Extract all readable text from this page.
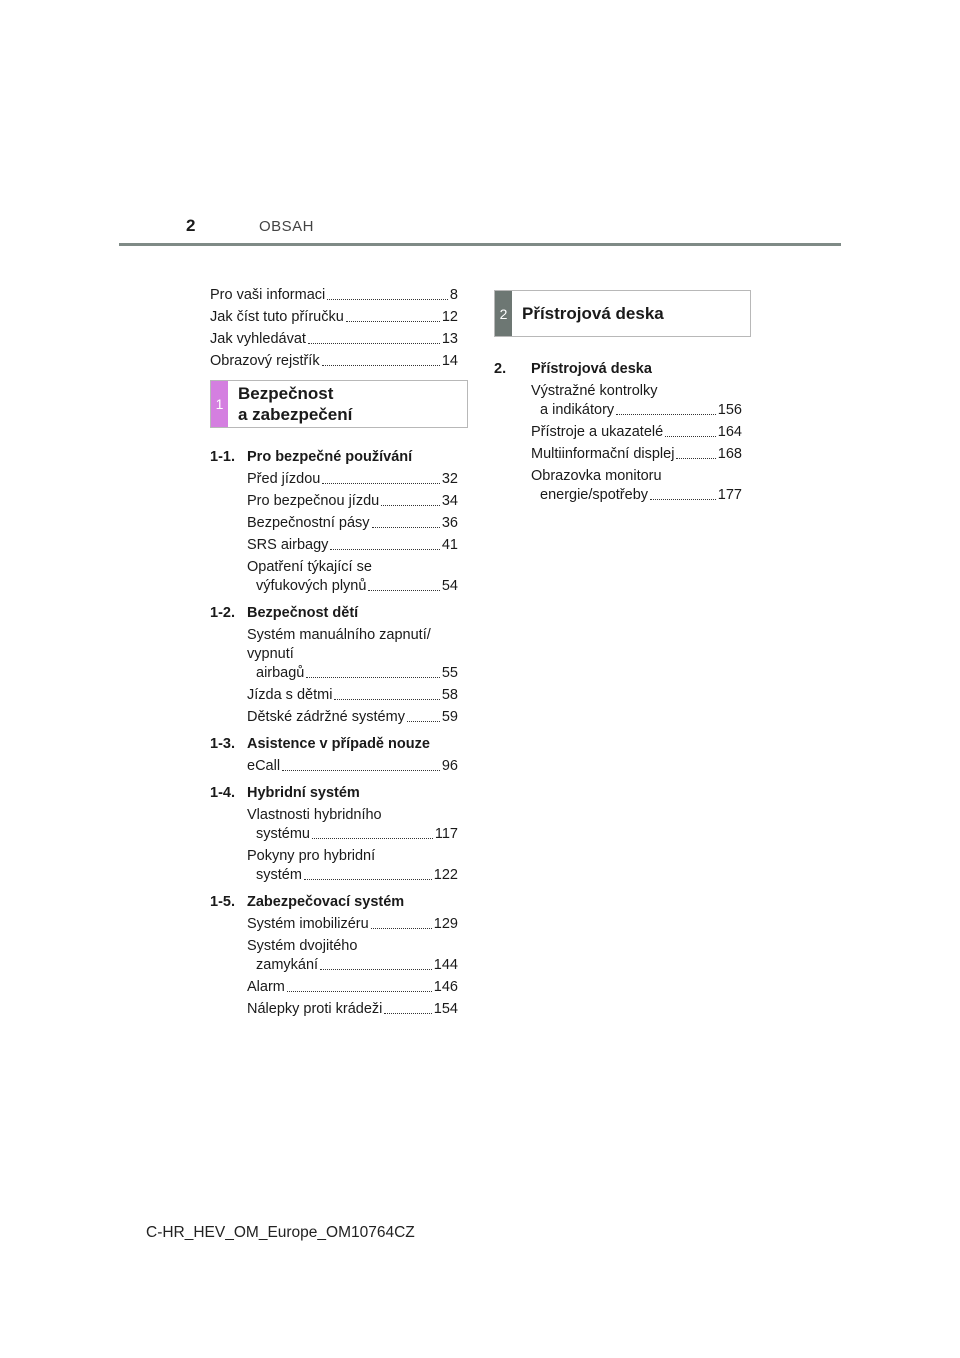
2	OBSAH
Pro vaši informaci	8
Jak číst tuto příručku	12
Jak vyhledávat	13
Obrazový rejstřík	14
1
Bezpečnost
a zabezpečení
2 Přístrojová deska
1-1. Pro bezpečné používání
Před jízdou	32
Pro bezpečnou jízdu	34
Bezpečnostní pásy	36
SRS airbagy	41
Opatření týkající se
výfukových plynů	54
1-2. Bezpečnost dětí
Systém manuálního zapnutí/
vypnutí
airbagů	55
Jízda s dětmi	58
Dětské zádržné systémy	59
1-3. Asistence v případě nouze
eCall	96
1-4. Hybridní systém
Vlastnosti hybridního
systému	117
Pokyny pro hybridní
systém	122
1-5. Zabezpečovací systém
Systém imobilizéru	129
Systém dvojitého
zamykání	144
Alarm	146
Nálepky proti krádeži	154
2.	Přístrojová deska
Výstražné kontrolky
a indikátory	156
Přístroje a ukazatelé	164
Multiinformační displej	168
Obrazovka monitoru
energie/spotřeby	177
C-HR_HEV_OM_Europe_OM10764CZ
